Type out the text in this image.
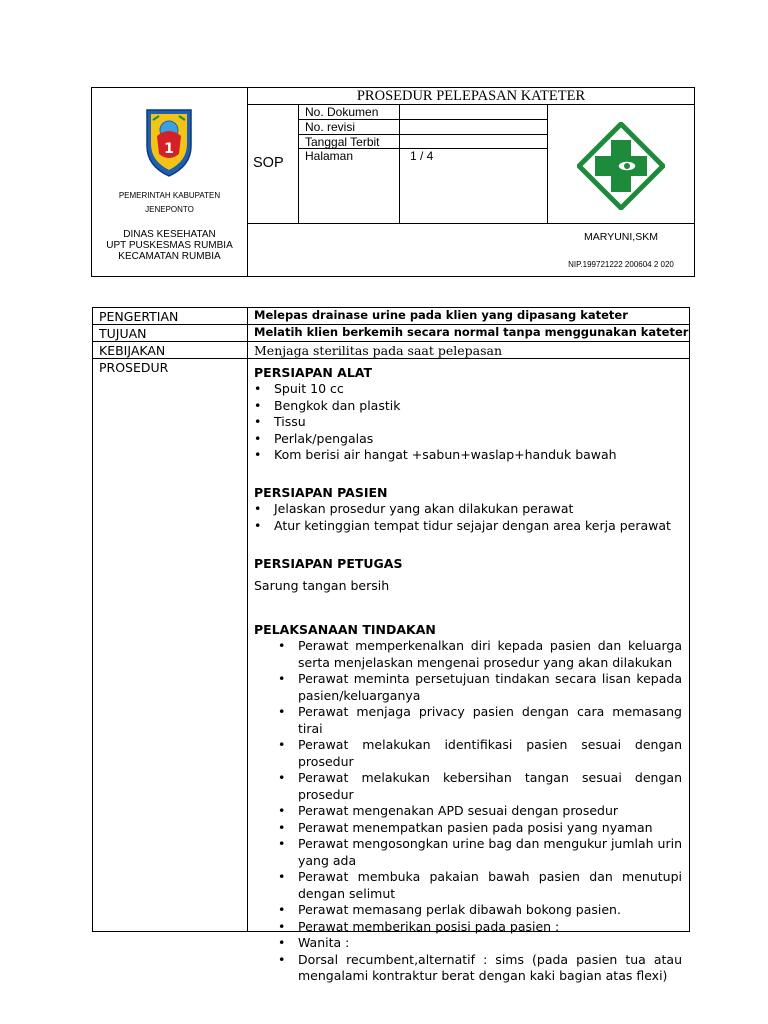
PROSEDUR PELEPASAN KATETER
1
PEMERINTAH KABUPATEN
JENEPONTO
DINAS KESEHATAN
UPT PUSKESMAS RUMBIA
KECAMATAN RUMBIA
SOP
No. Dokumen
No. revisi
Tanggal Terbit
Halaman	1 / 4
MARYUNI,SKM
NIP.199721222 200604 2 020
PENGERTIAN
TUJUAN
KEBIJAKAN
PROSEDUR
Melepas drainase urine pada klien yang dipasang kateter
Melatih klien berkemih secara normal tanpa menggunakan kateter
Menjaga sterilitas pada saat pelepasan
PERSIAPAN ALAT
• Spuit 10 cc
• Bengkok dan plastik
• Tissu
• Perlak/pengalas
• Kom berisi air hangat +sabun+waslap+handuk bawah
PERSIAPAN PASIEN
• Jelaskan prosedur yang akan dilakukan perawat
• Atur ketinggian tempat tidur sejajar dengan area kerja perawat
PERSIAPAN PETUGAS
Sarung tangan bersih
PELAKSANAAN TINDAKAN
• Perawat memperkenalkan diri kepada pasien dan keluarga serta menjelaskan mengenai prosedur yang akan dilakukan
• Perawat meminta persetujuan tindakan secara lisan kepada pasien/keluarganya
• Perawat menjaga privacy pasien dengan cara memasang tirai
• Perawat melakukan identifikasi pasien sesuai dengan prosedur
• Perawat melakukan kebersihan tangan sesuai dengan prosedur
• Perawat mengenakan APD sesuai dengan prosedur
• Perawat menempatkan pasien pada posisi yang nyaman
• Perawat mengosongkan urine bag dan mengukur jumlah urin yang ada
• Perawat membuka pakaian bawah pasien dan menutupi dengan selimut
• Perawat memasang perlak dibawah bokong pasien.
• Perawat memberikan posisi pada pasien :
• Wanita :
• Dorsal recumbent,alternatif : sims (pada pasien tua atau mengalami kontraktur berat dengan kaki bagian atas flexi)
